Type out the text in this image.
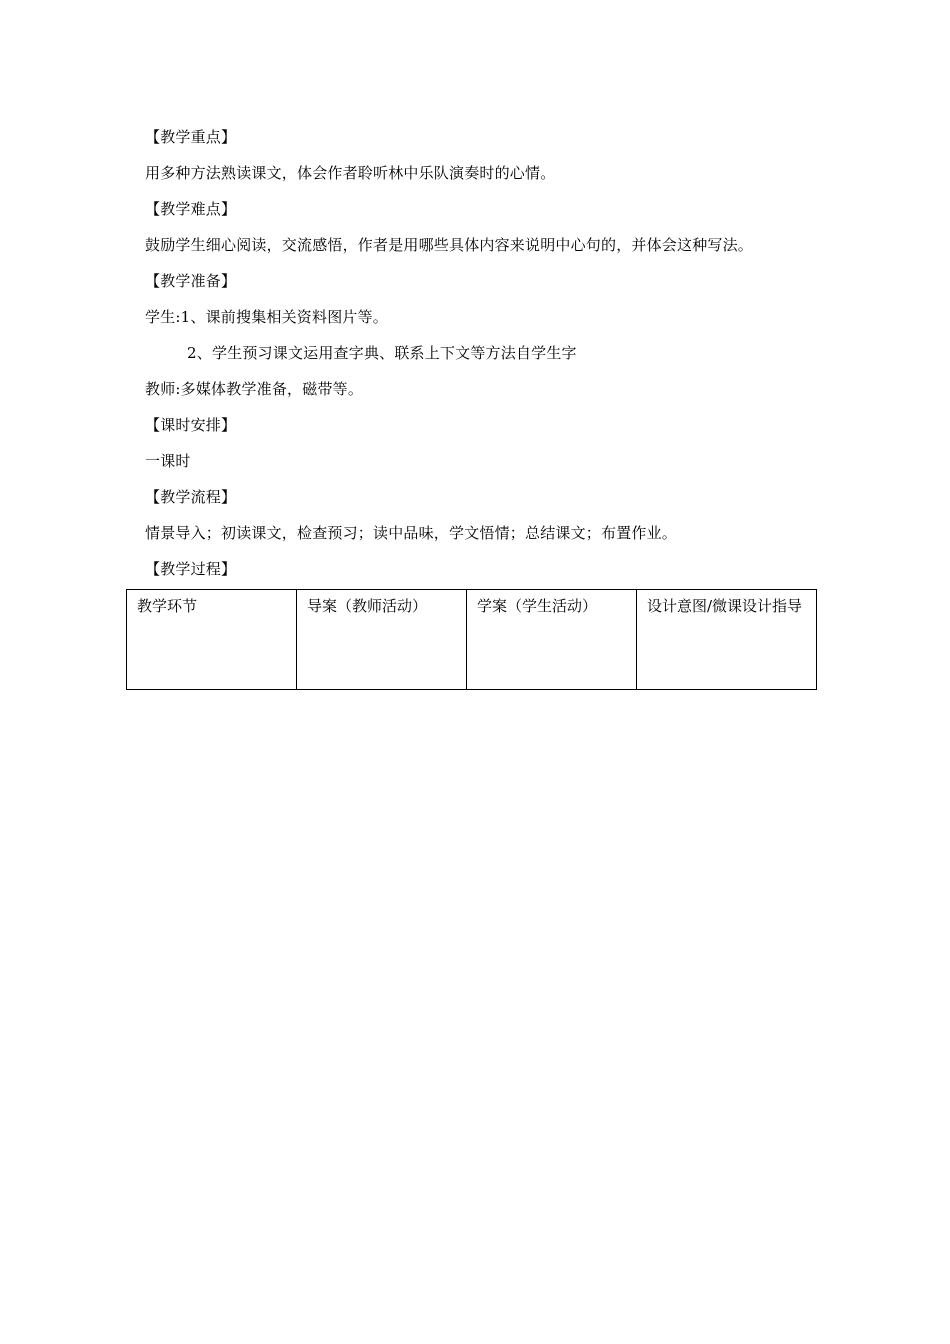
【教学重点】
用多种方法熟读课文，体会作者聆听林中乐队演奏时的心情。
【教学难点】
鼓励学生细心阅读，交流感悟，作者是用哪些具体内容来说明中心句的，并体会这种写法。
【教学准备】
学生:1、课前搜集相关资料图片等。
2、学生预习课文运用查字典、联系上下文等方法自学生字
教师:多媒体教学准备，磁带等。
【课时安排】
一课时
【教学流程】
情景导入；初读课文，检查预习；读中品味，学文悟情；总结课文；布置作业。
【教学过程】
教学环节	导案（教师活动）	学案（学生活动）	设计意图/微课设计指导
